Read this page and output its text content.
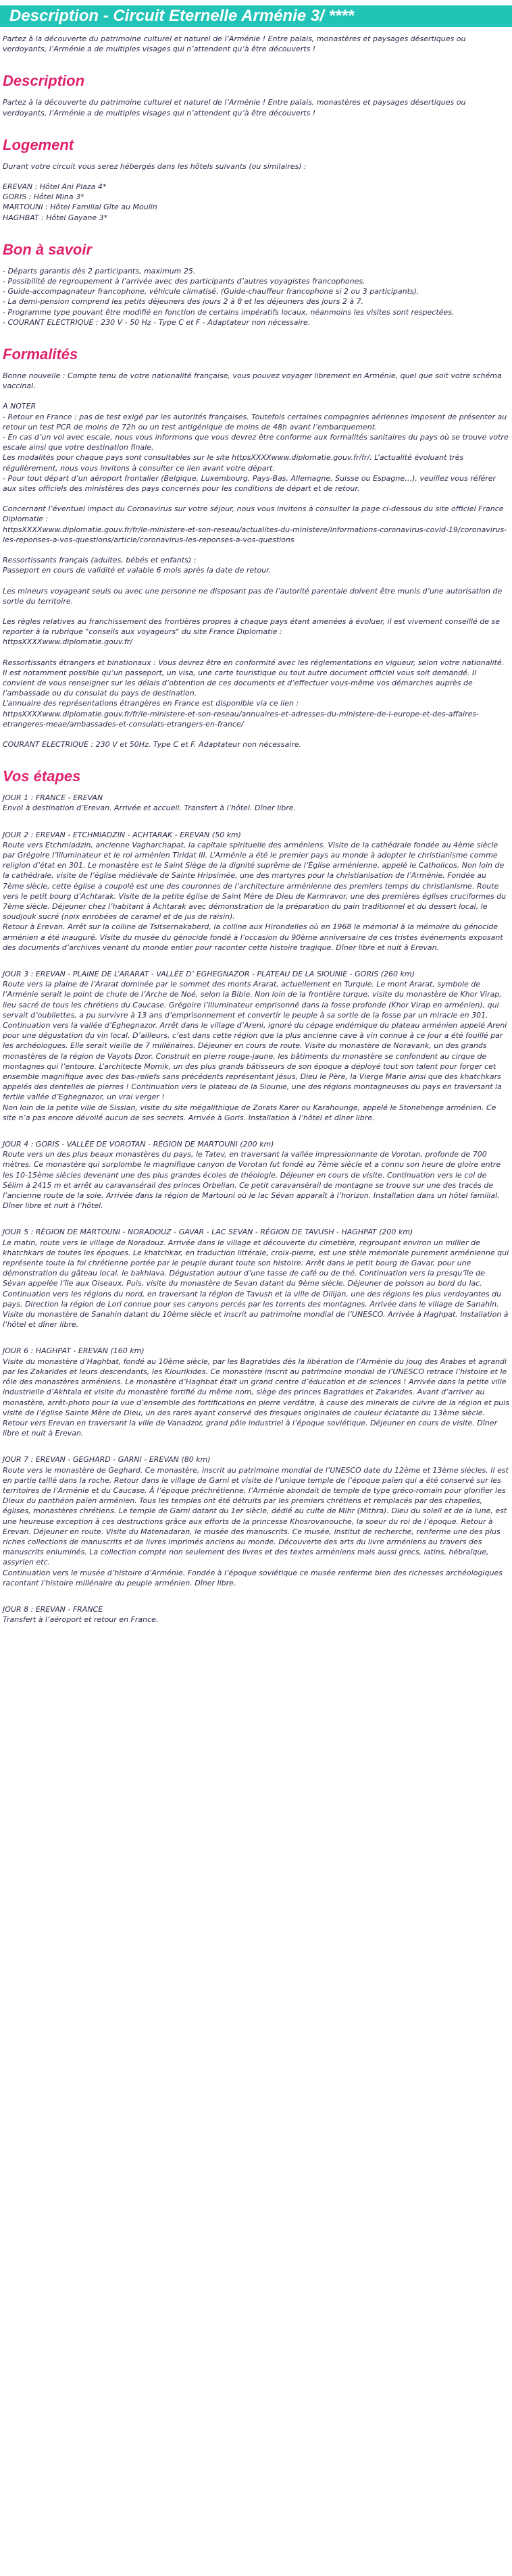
Description - Circuit Eternelle Arménie 3/ ****

Partez à la découverte du patrimoine culturel et naturel de l’Arménie ! Entre palais, monastères et paysages désertiques ou verdoyants, l’Arménie a de multiples visages qui n’attendent qu’à être découverts !

Description

Partez à la découverte du patrimoine culturel et naturel de l’Arménie ! Entre palais, monastères et paysages désertiques ou verdoyants, l’Arménie a de multiples visages qui n’attendent qu’à être découverts !

Logement

Durant votre circuit vous serez hébergés dans les hôtels suivants (ou similaires) :

EREVAN : Hôtel Ani Plaza 4*

GORIS : Hôtel Mina 3*

MARTOUNI : Hôtel Familial Gîte au Moulin

HAGHBAT : Hôtel Gayane 3*

Bon à savoir

- Départs garantis dès 2 participants, maximum 25.

- Possibilité de regroupement à l’arrivée avec des participants d’autres voyagistes francophones.

- Guide-accompagnateur francophone, véhicule climatisé. (Guide-chauffeur francophone si 2 ou 3 participants).

- La demi-pension comprend les petits déjeuners des jours 2 à 8 et les déjeuners des jours 2 à 7.

- Programme type pouvant être modifié en fonction de certains impératifs locaux, néanmoins les visites sont respectées.

- COURANT ELECTRIQUE : 230 V - 50 Hz - Type C et F - Adaptateur non nécessaire.

Formalités

Bonne nouvelle : Compte tenu de votre nationalité française, vous pouvez voyager librement en Arménie, quel que soit votre schéma vaccinal.

A NOTER
- Retour en France : pas de test exigé par les autorités françaises. Toutefois certaines compagnies aériennes imposent de présenter au retour un test PCR de moins de 72h ou un test antigénique de moins de 48h avant l’embarquement.
- En cas d’un vol avec escale, nous vous informons que vous devrez être conforme aux formalités sanitaires du pays où se trouve votre escale ainsi que votre destination finale.
Les modalités pour chaque pays sont consultables sur le site httpsXXXXwww.diplomatie.gouv.fr/fr/. L’actualité évoluant très régulièrement, nous vous invitons à consulter ce lien avant votre départ.
- Pour tout départ d’un aéroport frontalier (Belgique, Luxembourg, Pays-Bas, Allemagne, Suisse ou Espagne…), veuillez vous référer aux sites officiels des ministères des pays concernés pour les conditions de départ et de retour.

Concernant l’éventuel impact du Coronavirus sur votre séjour, nous vous invitons à consulter la page ci-dessous du site officiel France Diplomatie :
httpsXXXXwww.diplomatie.gouv.fr/fr/le-ministere-et-son-reseau/actualites-du-ministere/informations-coronavirus-covid-19/coronavirus-les-reponses-a-vos-questions/article/coronavirus-les-reponses-a-vos-questions

Ressortissants français (adultes, bébés et enfants) :
Passeport en cours de validité et valable 6 mois après la date de retour.

Les mineurs voyageant seuls ou avec une personne ne disposant pas de l’autorité parentale doivent être munis d’une autorisation de sortie du territoire.

Les règles relatives au franchissement des frontières propres à chaque pays étant amenées à évoluer, il est vivement conseillé de se reporter à la rubrique "conseils aux voyageurs" du site France Diplomatie :
httpsXXXXwww.diplomatie.gouv.fr/

Ressortissants étrangers et binationaux : Vous devrez être en conformité avec les réglementations en vigueur, selon votre nationalité. Il est notamment possible qu’un passeport, un visa, une carte touristique ou tout autre document officiel vous soit demandé. Il convient de vous renseigner sur les délais d’obtention de ces documents et d’effectuer vous-même vos démarches auprès de l’ambassade ou du consulat du pays de destination.
L’annuaire des représentations étrangères en France est disponible via ce lien :
httpsXXXXwww.diplomatie.gouv.fr/fr/le-ministere-et-son-reseau/annuaires-et-adresses-du-ministere-de-l-europe-et-des-affaires-etrangeres-meae/ambassades-et-consulats-etrangers-en-france/

COURANT ELECTRIQUE : 230 V et 50Hz. Type C et F. Adaptateur non nécessaire.

Vos étapes

JOUR 1 : FRANCE - EREVAN

Envol à destination d’Erevan. Arrivée et accueil. Transfert à l’hôtel. Dîner libre.

JOUR 2 : EREVAN - ETCHMIADZIN - ACHTARAK - EREVAN (50 km)

Route vers Etchmiadzin, ancienne Vagharchapat, la capitale spirituelle des arméniens. Visite de la cathédrale fondée au 4ème siècle par Grégoire l’Illuminateur et le roi arménien Tiridat III. L’Arménie a été le premier pays au monde à adopter le christianisme comme religion d’état en 301. Le monastère est le Saint Siège de la dignité suprême de l’Église arménienne, appelé le Catholicos. Non loin de la cathédrale, visite de l’église médiévale de Sainte Hripsimée, une des martyres pour la christianisation de l’Arménie. Fondée au 7ème siècle, cette église a coupolé est une des couronnes de l’architecture arménienne des premiers temps du christianisme. Route vers le petit bourg d’Achtarak. Visite de la petite église de Saint Mère de Dieu de Karmravor, une des premières églises cruciformes du 7ème siècle. Déjeuner chez l’habitant à Achtarak avec démonstration de la préparation du pain traditionnel et du dessert local, le soudjouk sucré (noix enrobées de caramel et de jus de raisin).
Retour à Erevan. Arrêt sur la colline de Tsitsernakaberd, la colline aux Hirondelles où en 1968 le mémorial à la mémoire du génocide arménien a été inauguré. Visite du musée du génocide fondé à l’occasion du 90ème anniversaire de ces tristes événements exposant des documents d’archives venant du monde entier pour raconter cette histoire tragique. Dîner libre et nuit à Erevan.

JOUR 3 : EREVAN - PLAINE DE L’ARARAT - VALLÉE D’ EGHEGNAZOR - PLATEAU DE LA SIOUNIE - GORIS (260 km)

Route vers la plaine de l’Ararat dominée par le sommet des monts Ararat, actuellement en Turquie. Le mont Ararat, symbole de l’Arménie serait le point de chute de l’Arche de Noé, selon la Bible. Non loin de la frontière turque, visite du monastère de Khor Virap, lieu sacré de tous les chrétiens du Caucase. Grégoire l’Illuminateur emprisonné dans la fosse profonde (Khor Virap en arménien), qui servait d’oubliettes, a pu survivre à 13 ans d’emprisonnement et convertir le peuple à sa sortie de la fosse par un miracle en 301. Continuation vers la vallée d’Eghegnazor. Arrêt dans le village d’Areni, ignoré du cépage endémique du plateau arménien appelé Areni pour une dégustation du vin local. D’ailleurs, c’est dans cette région que la plus ancienne cave à vin connue à ce jour a été fouillé par les archéologues. Elle serait vieille de 7 millénaires. Déjeuner en cours de route. Visite du monastère de Noravank, un des grands monastères de la région de Vayots Dzor. Construit en pierre rouge-jaune, les bâtiments du monastère se confondent au cirque de montagnes qui l’entoure. L’architecte Momik, un des plus grands bâtisseurs de son époque a déployé tout son talent pour forger cet ensemble magnifique avec des bas-reliefs sans précédents représentant Jésus, Dieu le Père, la Vierge Marie ainsi que des khatchkars appelés des dentelles de pierres ! Continuation vers le plateau de la Siounie, une des régions montagneuses du pays en traversant la fertile vallée d’Eghegnazor, un vrai verger !
Non loin de la petite ville de Sissian, visite du site mégalithique de Zorats Karer ou Karahounge, appelé le Stonehenge arménien. Ce site n’a pas encore dévoilé aucun de ses secrets. Arrivée à Goris. Installation à l’hôtel et dîner libre.

JOUR 4 : GORIS - VALLÉE DE VOROTAN - RÉGION DE MARTOUNI (200 km)

Route vers un des plus beaux monastères du pays, le Tatev, en traversant la vallée impressionnante de Vorotan, profonde de 700 mètres. Ce monastère qui surplombe le magnifique canyon de Vorotan fut fondé au 7ème siècle et a connu son heure de gloire entre les 10-15ème siècles devenant une des plus grandes écoles de théologie. Déjeuner en cours de visite. Continuation vers le col de Sélim à 2415 m et arrêt au caravansérail des princes Orbelian. Ce petit caravansérail de montagne se trouve sur une des tracés de l’ancienne route de la soie. Arrivée dans la région de Martouni où le lac Sévan apparaît à l’horizon. Installation dans un hôtel familial. Dîner libre et nuit à l’hôtel.

JOUR 5 : RÉGION DE MARTOUNI - NORADOUZ - GAVAR - LAC SEVAN - RÉGION DE TAVUSH - HAGHPAT (200 km)

Le matin, route vers le village de Noradouz. Arrivée dans le village et découverte du cimetière, regroupant environ un millier de khatchkars de toutes les époques. Le khatchkar, en traduction littérale, croix-pierre, est une stèle mémoriale purement arménienne qui représente toute la foi chrétienne portée par le peuple durant toute son histoire. Arrêt dans le petit bourg de Gavar, pour une démonstration du gâteau local, le bakhlava. Dégustation autour d’une tasse de café ou de thé. Continuation vers la presqu’île de Sévan appelée l’île aux Oiseaux. Puis, visite du monastère de Sevan datant du 9ème siècle. Déjeuner de poisson au bord du lac. Continuation vers les régions du nord, en traversant la région de Tavush et la ville de Dilijan, une des régions les plus verdoyantes du pays. Direction la région de Lori connue pour ses canyons percés par les torrents des montagnes. Arrivée dans le village de Sanahin. Visite du monastère de Sanahin datant du 10ème siècle et inscrit au patrimoine mondial de l’UNESCO. Arrivée à Haghpat. Installation à l’hôtel et dîner libre.

JOUR 6 : HAGHPAT - EREVAN (160 km)

Visite du monastère d’Haghbat, fondé au 10ème siècle, par les Bagratides dès la libération de l’Arménie du joug des Arabes et agrandi par les Zakarides et leurs descendants, les Kiourikides. Ce monastère inscrit au patrimoine mondial de l’UNESCO retrace l’histoire et le rôle des monastères arméniens. Le monastère d’Haghbat était un grand centre d’éducation et de sciences ! Arrivée dans la petite ville industrielle d’Akhtala et visite du monastère fortifié du même nom, siège des princes Bagratides et Zakarides. Avant d’arriver au monastère, arrêt-photo pour la vue d’ensemble des fortifications en pierre verdâtre, à cause des minerais de cuivre de la région et puis visite de l’église Sainte Mère de Dieu, un des rares ayant conservé des fresques originales de couleur éclatante du 13ème siècle. Retour vers Erevan en traversant la ville de Vanadzor, grand pôle industriel à l’époque soviétique. Déjeuner en cours de visite. Dîner libre et nuit à Erevan.

JOUR 7 : EREVAN - GEGHARD - GARNI - EREVAN (80 km)

Route vers le monastère de Geghard. Ce monastère, inscrit au patrimoine mondial de l’UNESCO date du 12ème et 13ème siècles. Il est en partie taillé dans la roche. Retour dans le village de Garni et visite de l’unique temple de l’époque païen qui a été conservé sur les territoires de l’Arménie et du Caucase. À l’époque préchrétienne, l’Arménie abondait de temple de type gréco-romain pour glorifier les Dieux du panthéon païen arménien. Tous les temples ont été détruits par les premiers chrétiens et remplacés par des chapelles, églises, monastères chrétiens. Le temple de Garni datant du 1er siècle, dédié au culte de Mihr (Mithra). Dieu du soleil et de la lune, est une heureuse exception à ces destructions grâce aux efforts de la princesse Khosrovanouche, la soeur du roi de l’époque. Retour à Erevan. Déjeuner en route. Visite du Matenadaran, le musée des manuscrits. Ce musée, institut de recherche, renferme une des plus riches collections de manuscrits et de livres imprimés anciens au monde. Découverte des arts du livre arméniens au travers des manuscrits enluminés. La collection compte non seulement des livres et des textes arméniens mais aussi grecs, latins, hébraïque, assyrien etc.
Continuation vers le musée d’histoire d’Arménie. Fondée à l’époque soviétique ce musée renferme bien des richesses archéologiques racontant l’histoire millénaire du peuple arménien. Dîner libre.

JOUR 8 : EREVAN - FRANCE

Transfert à l’aéroport et retour en France.
